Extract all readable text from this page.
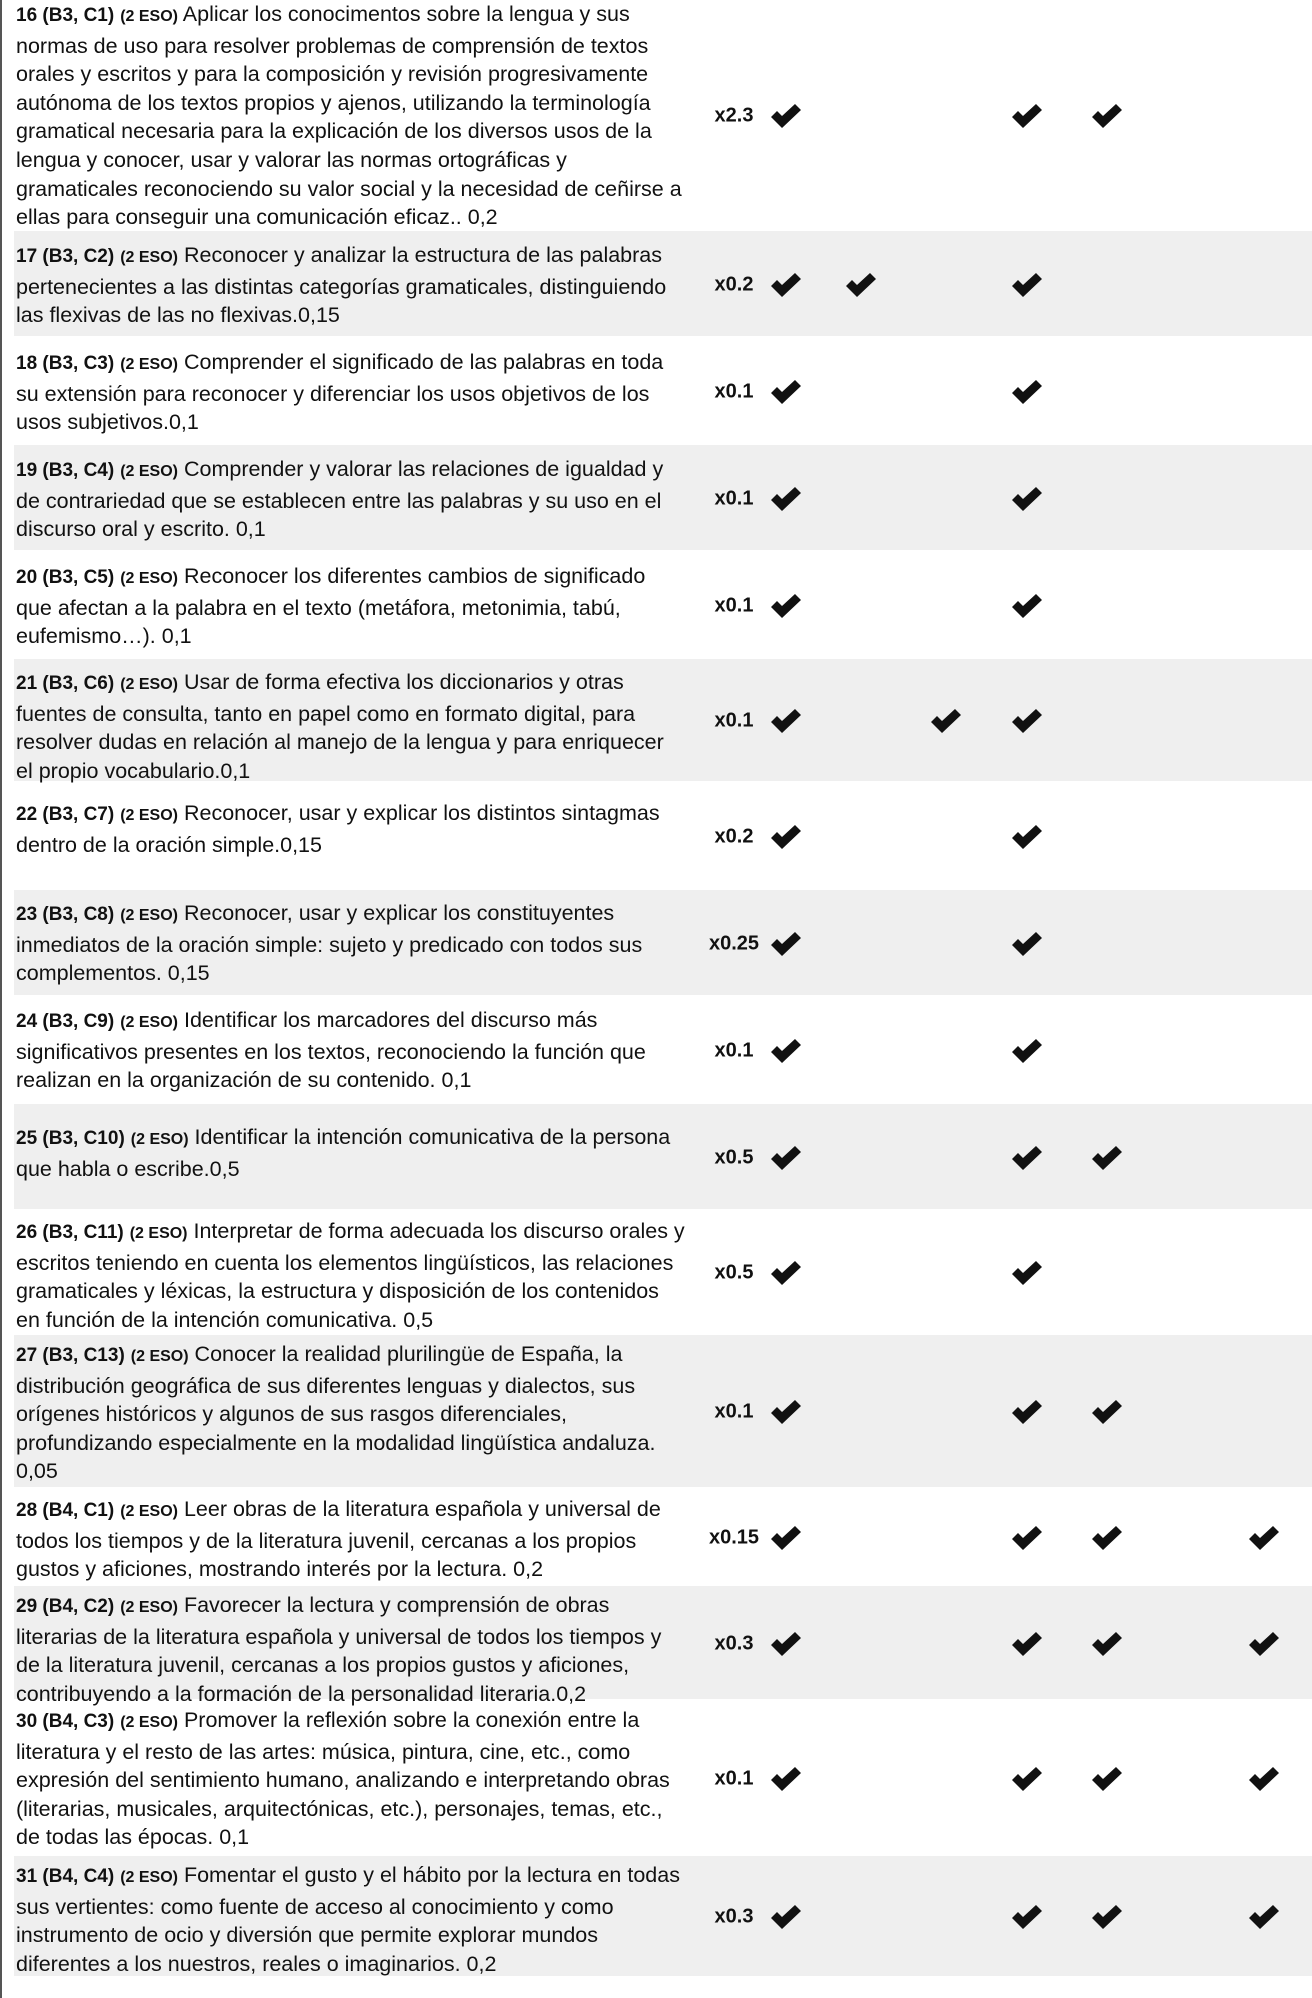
16 (B3, C1) (2 ESO) Aplicar los conocimentos sobre la lengua y sus normas de uso para resolver problemas de comprensión de textos orales y escritos y para la composición y revisión progresivamente autónoma de los textos propios y ajenos, utilizando la terminología gramatical necesaria para la explicación de los diversos usos de la lengua y conocer, usar y valorar las normas ortográficas y gramaticales reconociendo su valor social y la necesidad de ceñirse a ellas para conseguir una comunicación eficaz.. 0,2
x2.3
17 (B3, C2) (2 ESO) Reconocer y analizar la estructura de las palabras pertenecientes a las distintas categorías gramaticales, distinguiendo las flexivas de las no flexivas.0,15
x0.2
18 (B3, C3) (2 ESO) Comprender el significado de las palabras en toda su extensión para reconocer y diferenciar los usos objetivos de los usos subjetivos.0,1
x0.1
19 (B3, C4) (2 ESO) Comprender y valorar las relaciones de igualdad y de contrariedad que se establecen entre las palabras y su uso en el discurso oral y escrito. 0,1
x0.1
20 (B3, C5) (2 ESO) Reconocer los diferentes cambios de significado que afectan a la palabra en el texto (metáfora, metonimia, tabú, eufemismo…). 0,1
x0.1
21 (B3, C6) (2 ESO) Usar de forma efectiva los diccionarios y otras fuentes de consulta, tanto en papel como en formato digital, para resolver dudas en relación al manejo de la lengua y para enriquecer el propio vocabulario.0,1
x0.1
22 (B3, C7) (2 ESO) Reconocer, usar y explicar los distintos sintagmas dentro de la oración simple.0,15	x0.2
23 (B3, C8) (2 ESO) Reconocer, usar y explicar los constituyentes inmediatos de la oración simple: sujeto y predicado con todos sus complementos. 0,15
x0.25
24 (B3, C9) (2 ESO) Identificar los marcadores del discurso más significativos presentes en los textos, reconociendo la función que realizan en la organización de su contenido. 0,1
x0.1
25 (B3, C10) (2 ESO) Identificar la intención comunicativa de la persona que habla o escribe.0,5	x0.5
26 (B3, C11) (2 ESO) Interpretar de forma adecuada los discurso orales y escritos teniendo en cuenta los elementos lingüísticos, las relaciones gramaticales y léxicas, la estructura y disposición de los contenidos en función de la intención comunicativa. 0,5
x0.5
27 (B3, C13) (2 ESO) Conocer la realidad plurilingüe de España, la distribución geográfica de sus diferentes lenguas y dialectos, sus orígenes históricos y algunos de sus rasgos diferenciales, profundizando especialmente en la modalidad lingüística andaluza. 0,05
x0.1
28 (B4, C1) (2 ESO) Leer obras de la literatura española y universal de todos los tiempos y de la literatura juvenil, cercanas a los propios gustos y aficiones, mostrando interés por la lectura. 0,2
x0.15
29 (B4, C2) (2 ESO) Favorecer la lectura y comprensión de obras literarias de la literatura española y universal de todos los tiempos y de la literatura juvenil, cercanas a los propios gustos y aficiones, contribuyendo a la formación de la personalidad literaria.0,2
x0.3
30 (B4, C3) (2 ESO) Promover la reflexión sobre la conexión entre la literatura y el resto de las artes: música, pintura, cine, etc., como expresión del sentimiento humano, analizando e interpretando obras (literarias, musicales, arquitectónicas, etc.), personajes, temas, etc., de todas las épocas. 0,1
x0.1
31 (B4, C4) (2 ESO) Fomentar el gusto y el hábito por la lectura en todas sus vertientes: como fuente de acceso al conocimiento y como instrumento de ocio y diversión que permite explorar mundos diferentes a los nuestros, reales o imaginarios. 0,2
x0.3
